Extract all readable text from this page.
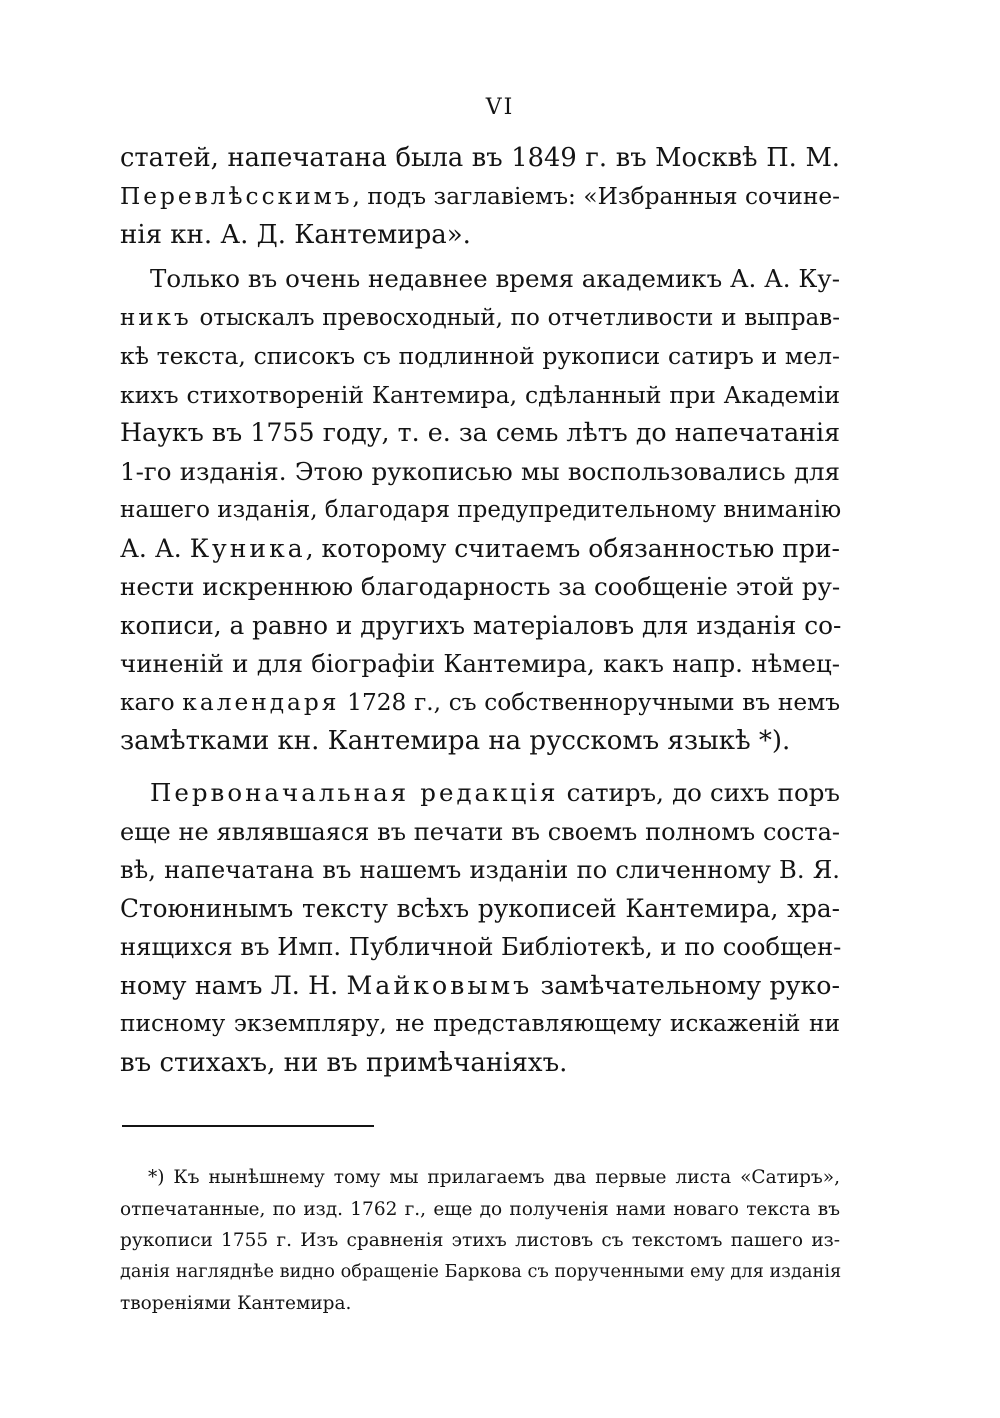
VI
статей, напечатана была въ 1849 г. въ Москвѣ П. М.
Перевлѣсскимъ, подъ заглавіемъ: «Избранныя сочине-
нія кн. А. Д. Кантемира».
Только въ очень недавнее время академикъ А. А. Ку-
никъ отыскалъ превосходный, по отчетливости и выправ-
кѣ текста, списокъ съ подлинной рукописи сатиръ и мел-
кихъ стихотвореній Кантемира, сдѣланный при Академіи
Наукъ въ 1755 году, т. е. за семь лѣтъ до напечатанія
1-го изданія. Этою рукописью мы воспользовались для
нашего изданія, благодаря предупредительному вниманію
А. А. Куника, которому считаемъ обязанностью при-
нести искреннюю благодарность за сообщеніе этой ру-
кописи, а равно и другихъ матеріаловъ для изданія со-
чиненій и для біографіи Кантемира, какъ напр. нѣмец-
каго календаря 1728 г., съ собственноручными въ немъ
замѣтками кн. Кантемира на русскомъ языкѣ *).
Первоначальная редакція сатиръ, до сихъ поръ
еще не являвшаяся въ печати въ своемъ полномъ соста-
вѣ, напечатана въ нашемъ изданіи по сличенному В. Я.
Стоюнинымъ тексту всѣхъ рукописей Кантемира, хра-
нящихся въ Имп. Публичной Библіотекѣ, и по сообщен-
ному намъ Л. Н. Майковымъ замѣчательному руко-
писному экземпляру, не представляющему искаженій ни
въ стихахъ, ни въ примѣчаніяхъ.
*) Къ нынѣшнему тому мы прилагаемъ два первые листа «Сатиръ»,
отпечатанные, по изд. 1762 г., еще до полученія нами новаго текста въ
рукописи 1755 г. Изъ сравненія этихъ листовъ съ текстомъ пашего из-
данія нагляднѣе видно обращеніе Баркова съ порученными ему для изданія
твореніями Кантемира.
